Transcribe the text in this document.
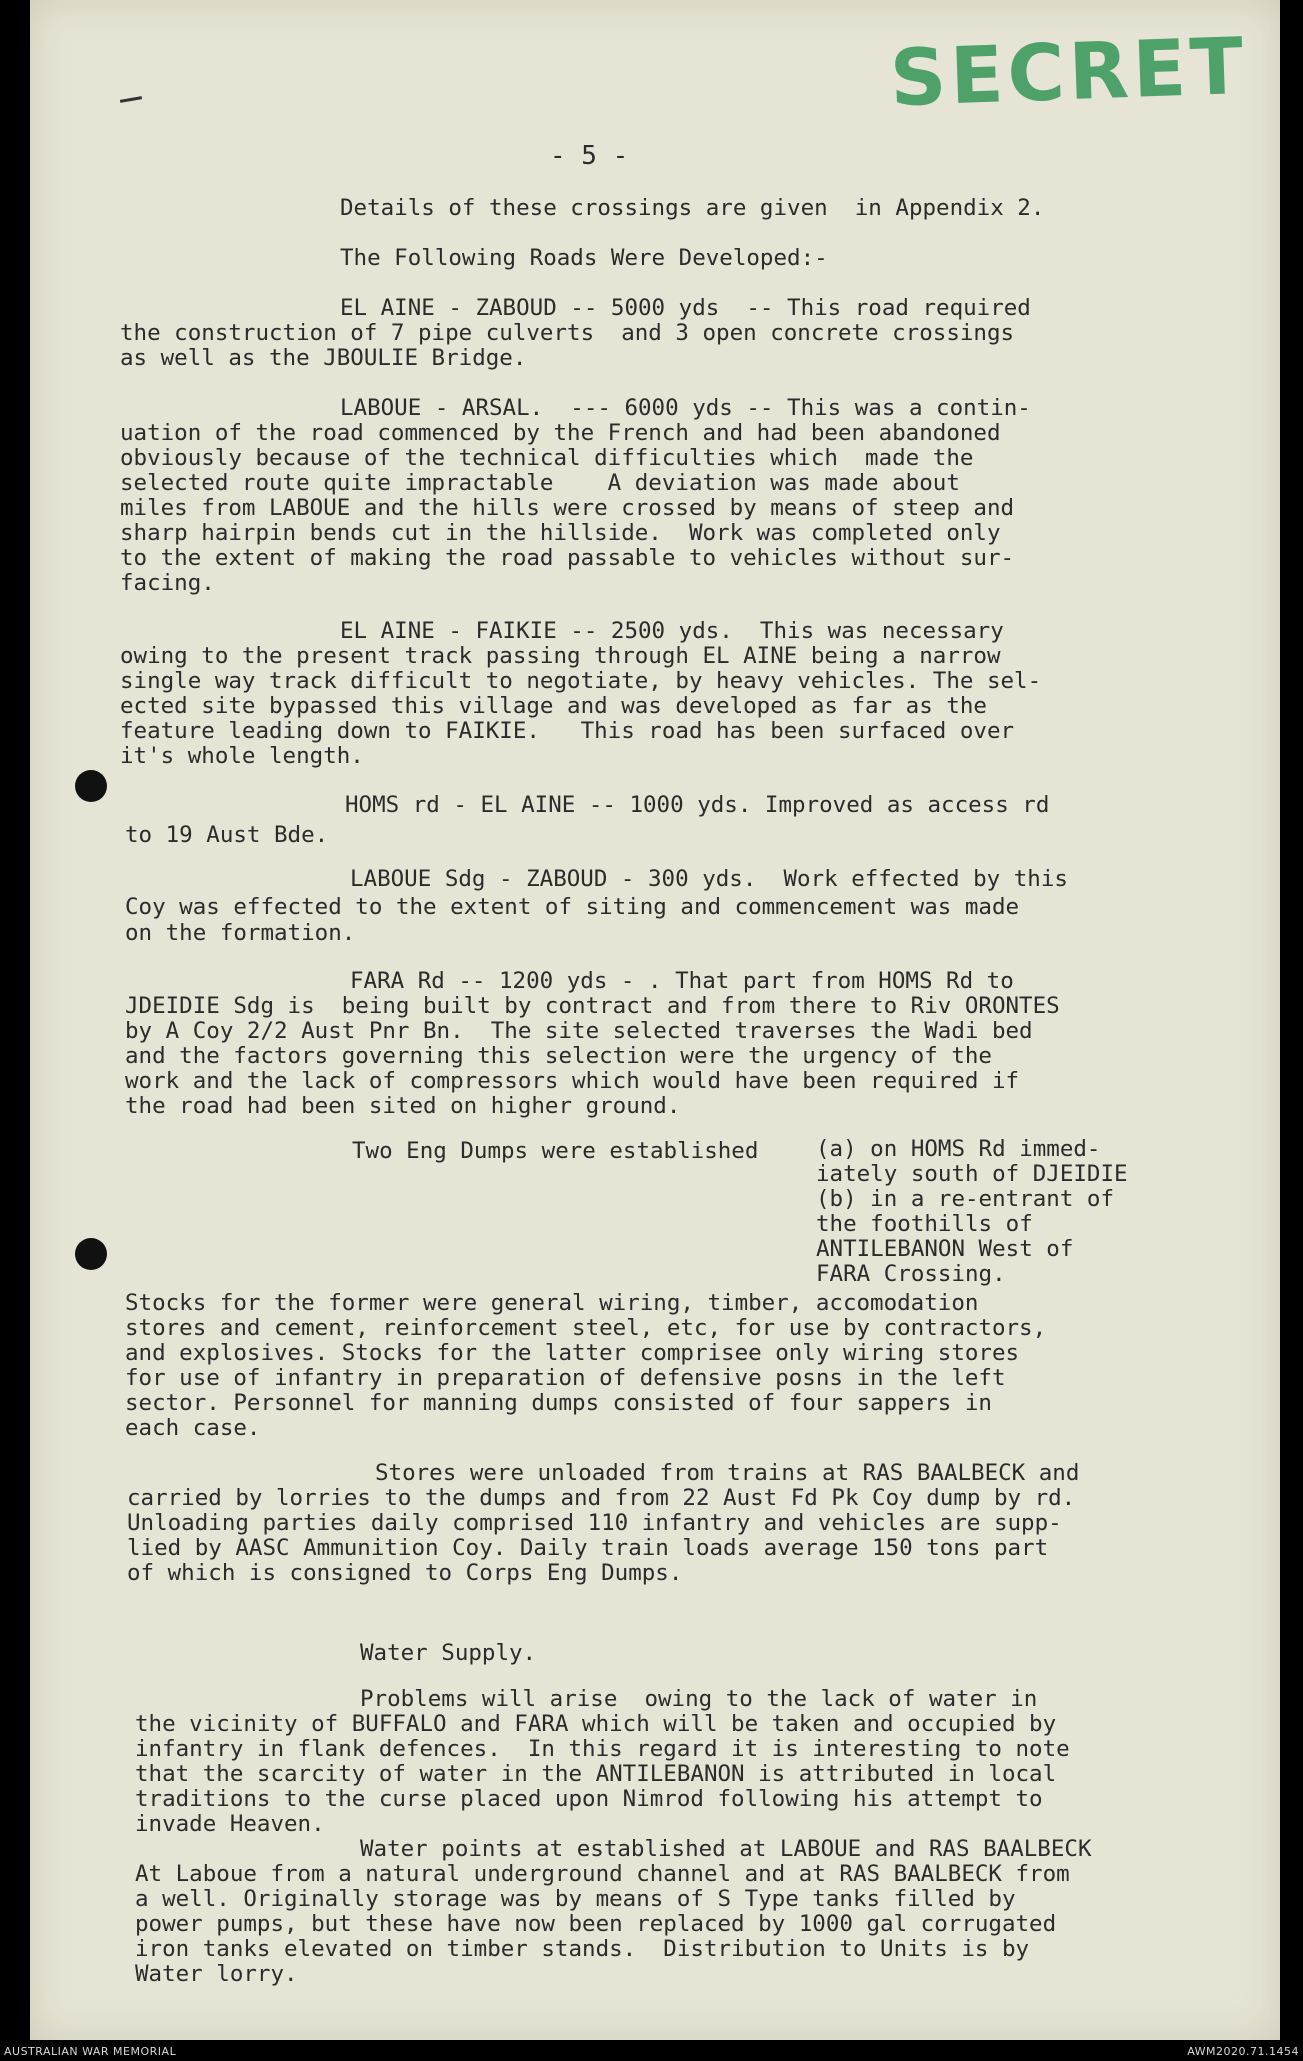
SECRET

- 5 -

Details of these crossings are given  in Appendix 2.

The Following Roads Were Developed:-

EL AINE - ZABOUD -- 5000 yds  -- This road required

the construction of 7 pipe culverts  and 3 open concrete crossings

as well as the JBOULIE Bridge.

LABOUE - ARSAL.  --- 6000 yds -- This was a contin-

uation of the road commenced by the French and had been abandoned

obviously because of the technical difficulties which  made the

selected route quite impractable    A deviation was made about

miles from LABOUE and the hills were crossed by means of steep and

sharp hairpin bends cut in the hillside.  Work was completed only

to the extent of making the road passable to vehicles without sur-

facing.

EL AINE - FAIKIE -- 2500 yds.  This was necessary

owing to the present track passing through EL AINE being a narrow

single way track difficult to negotiate, by heavy vehicles. The sel-

ected site bypassed this village and was developed as far as the

feature leading down to FAIKIE.   This road has been surfaced over

it's whole length.

HOMS rd - EL AINE -- 1000 yds. Improved as access rd

to 19 Aust Bde.

LABOUE Sdg - ZABOUD - 300 yds.  Work effected by this

Coy was effected to the extent of siting and commencement was made

on the formation.

FARA Rd -- 1200 yds - . That part from HOMS Rd to

JDEIDIE Sdg is  being built by contract and from there to Riv ORONTES

by A Coy 2/2 Aust Pnr Bn.  The site selected traverses the Wadi bed

and the factors governing this selection were the urgency of the

work and the lack of compressors which would have been required if

the road had been sited on higher ground.

Two Eng Dumps were established	(a) on HOMS Rd immed-

iately south of DJEIDIE

(b) in a re-entrant of

the foothills of

ANTILEBANON West of

FARA Crossing.

Stocks for the former were general wiring, timber, accomodation

stores and cement, reinforcement steel, etc, for use by contractors,

and explosives. Stocks for the latter comprisee only wiring stores

for use of infantry in preparation of defensive posns in the left

sector. Personnel for manning dumps consisted of four sappers in

each case.

Stores were unloaded from trains at RAS BAALBECK and

carried by lorries to the dumps and from 22 Aust Fd Pk Coy dump by rd.

Unloading parties daily comprised 110 infantry and vehicles are supp-

lied by AASC Ammunition Coy. Daily train loads average 150 tons part

of which is consigned to Corps Eng Dumps.

Water Supply.

Problems will arise  owing to the lack of water in

the vicinity of BUFFALO and FARA which will be taken and occupied by

infantry in flank defences.  In this regard it is interesting to note

that the scarcity of water in the ANTILEBANON is attributed in local

traditions to the curse placed upon Nimrod following his attempt to

invade Heaven.

Water points at established at LABOUE and RAS BAALBECK

At Laboue from a natural underground channel and at RAS BAALBECK from

a well. Originally storage was by means of S Type tanks filled by

power pumps, but these have now been replaced by 1000 gal corrugated

iron tanks elevated on timber stands.  Distribution to Units is by

Water lorry.

AUSTRALIAN WAR MEMORIAL	AWM2020.71.1454
